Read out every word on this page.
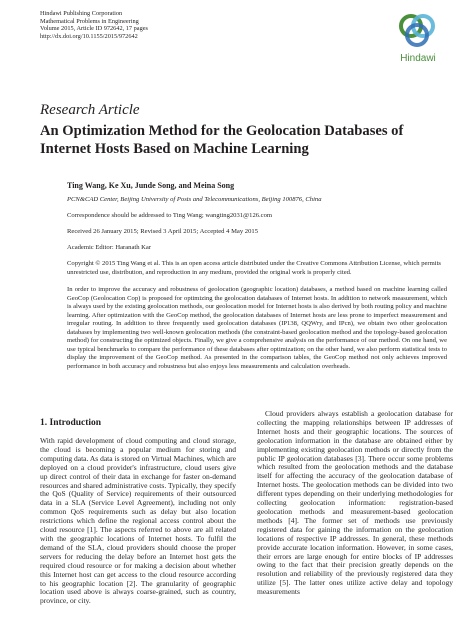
Hindawi Publishing Corporation
Mathematical Problems in Engineering
Volume 2015, Article ID 972642, 17 pages
http://dx.doi.org/10.1155/2015/972642
Hindawi
Research Article
An Optimization Method for the Geolocation Databases of Internet Hosts Based on Machine Learning
Ting Wang, Ke Xu, Junde Song, and Meina Song
PCN&CAD Center, Beijing University of Posts and Telecommunications, Beijing 100876, China
Correspondence should be addressed to Ting Wang; wangting2031@126.com
Received 26 January 2015; Revised 3 April 2015; Accepted 4 May 2015
Academic Editor: Haranath Kar
Copyright © 2015 Ting Wang et al. This is an open access article distributed under the Creative Commons Attribution License, which permits unrestricted use, distribution, and reproduction in any medium, provided the original work is properly cited.
In order to improve the accuracy and robustness of geolocation (geographic location) databases, a method based on machine learning called GeoCop (Geolocation Cop) is proposed for optimizing the geolocation databases of Internet hosts. In addition to network measurement, which is always used by the existing geolocation methods, our geolocation model for Internet hosts is also derived by both routing policy and machine learning. After optimization with the GeoCop method, the geolocation databases of Internet hosts are less prone to imperfect measurement and irregular routing. In addition to three frequently used geolocation databases (IP138, QQWry, and IPcn), we obtain two other geolocation databases by implementing two well-known geolocation methods (the constraint-based geolocation method and the topology-based geolocation method) for constructing the optimized objects. Finally, we give a comprehensive analysis on the performance of our method. On one hand, we use typical benchmarks to compare the performance of these databases after optimization; on the other hand, we also perform statistical tests to display the improvement of the GeoCop method. As presented in the comparison tables, the GeoCop method not only achieves improved performance in both accuracy and robustness but also enjoys less measurements and calculation overheads.
1. Introduction
With rapid development of cloud computing and cloud storage, the cloud is becoming a popular medium for storing and computing data. As data is stored on Virtual Machines, which are deployed on a cloud provider's infrastructure, cloud users give up direct control of their data in exchange for faster on-demand resources and shared administrative costs. Typically, they specify the QoS (Quality of Service) requirements of their outsourced data in a SLA (Service Level Agreement), including not only common QoS requirements such as delay but also location restrictions which define the regional access control about the cloud resource [1]. The aspects referred to above are all related with the geographic locations of Internet hosts. To fulfil the demand of the SLA, cloud providers should choose the proper servers for reducing the delay before an Internet host gets the required cloud resource or for making a decision about whether this Internet host can get access to the cloud resource according to his geographic location [2]. The granularity of geographic location used above is always coarse-grained, such as country, province, or city.
Cloud providers always establish a geolocation database for collecting the mapping relationships between IP addresses of Internet hosts and their geographic locations. The sources of geolocation information in the database are obtained either by implementing existing geolocation methods or directly from the public IP geolocation databases [3]. There occur some problems which resulted from the geolocation methods and the database itself for affecting the accuracy of the geolocation database of Internet hosts. The geolocation methods can be divided into two different types depending on their underlying methodologies for collecting geolocation information: registration-based geolocation methods and measurement-based geolocation methods [4]. The former set of methods use previously registered data for gaining the information on the geolocation locations of respective IP addresses. In general, these methods provide accurate location information. However, in some cases, their errors are large enough for entire blocks of IP addresses owing to the fact that their precision greatly depends on the resolution and reliability of the previously registered data they utilize [5]. The latter ones utilize active delay and topology measurements
